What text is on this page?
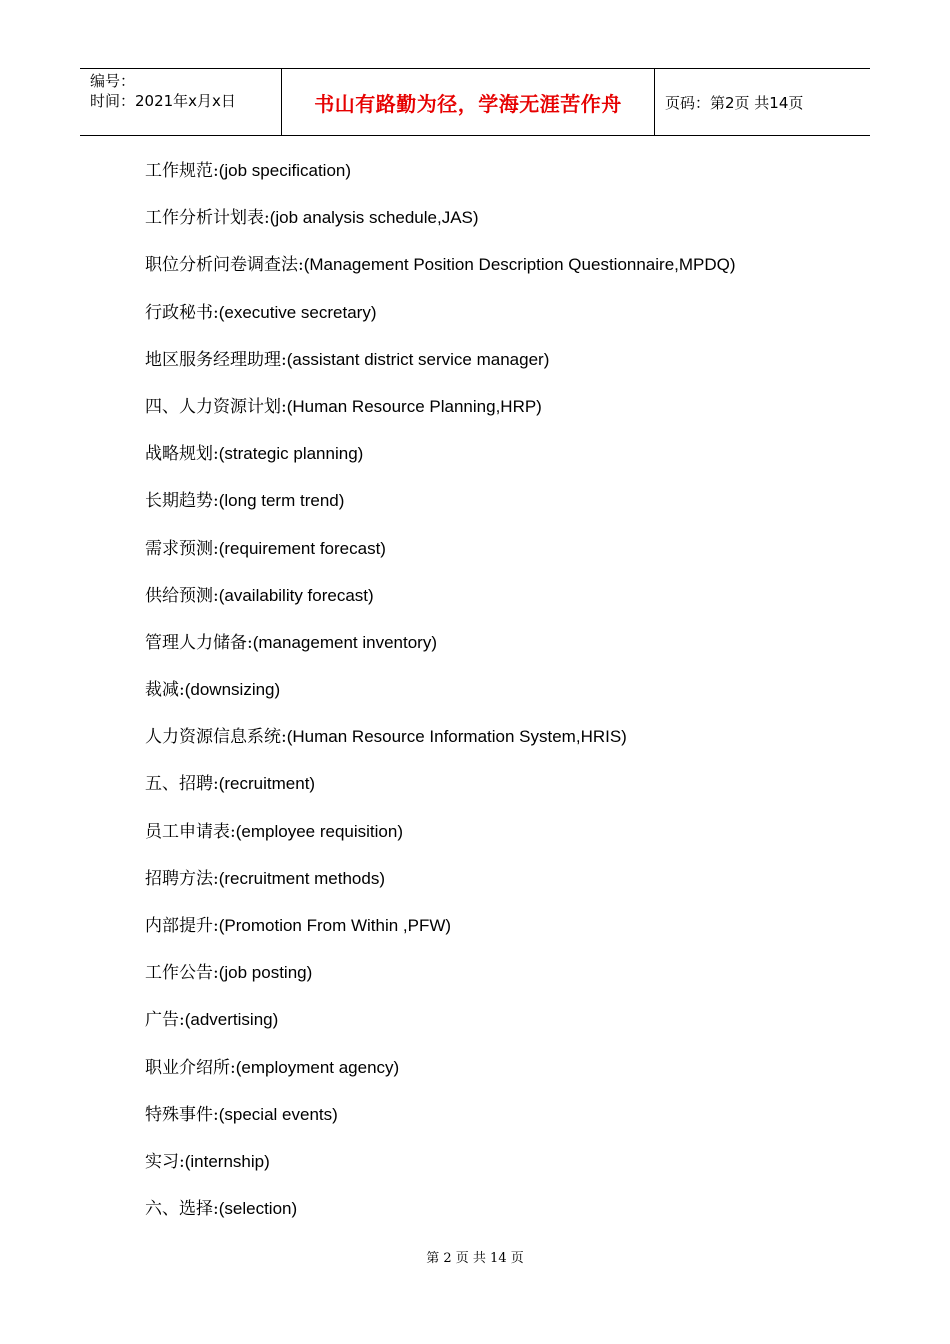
编号：
时间：2021年x月x日	书山有路勤为径，学海无涯苦作舟	页码：第2页 共14页
工作规范:(job specification)
工作分析计划表:(job analysis schedule,JAS)
职位分析问卷调查法:(Management Position Description Questionnaire,MPDQ)
行政秘书:(executive secretary)
地区服务经理助理:(assistant district service manager)
四、人力资源计划:(Human Resource Planning,HRP)
战略规划:(strategic planning)
长期趋势:(long term trend)
需求预测:(requirement forecast)
供给预测:(availability forecast)
管理人力储备:(management inventory)
裁减:(downsizing)
人力资源信息系统:(Human Resource Information System,HRIS)
五、招聘:(recruitment)
员工申请表:(employee requisition)
招聘方法:(recruitment methods)
内部提升:(Promotion From Within ,PFW)
工作公告:(job posting)
广告:(advertising)
职业介绍所:(employment agency)
特殊事件:(special events)
实习:(internship)
六、选择:(selection)
第 2 页 共 14 页
